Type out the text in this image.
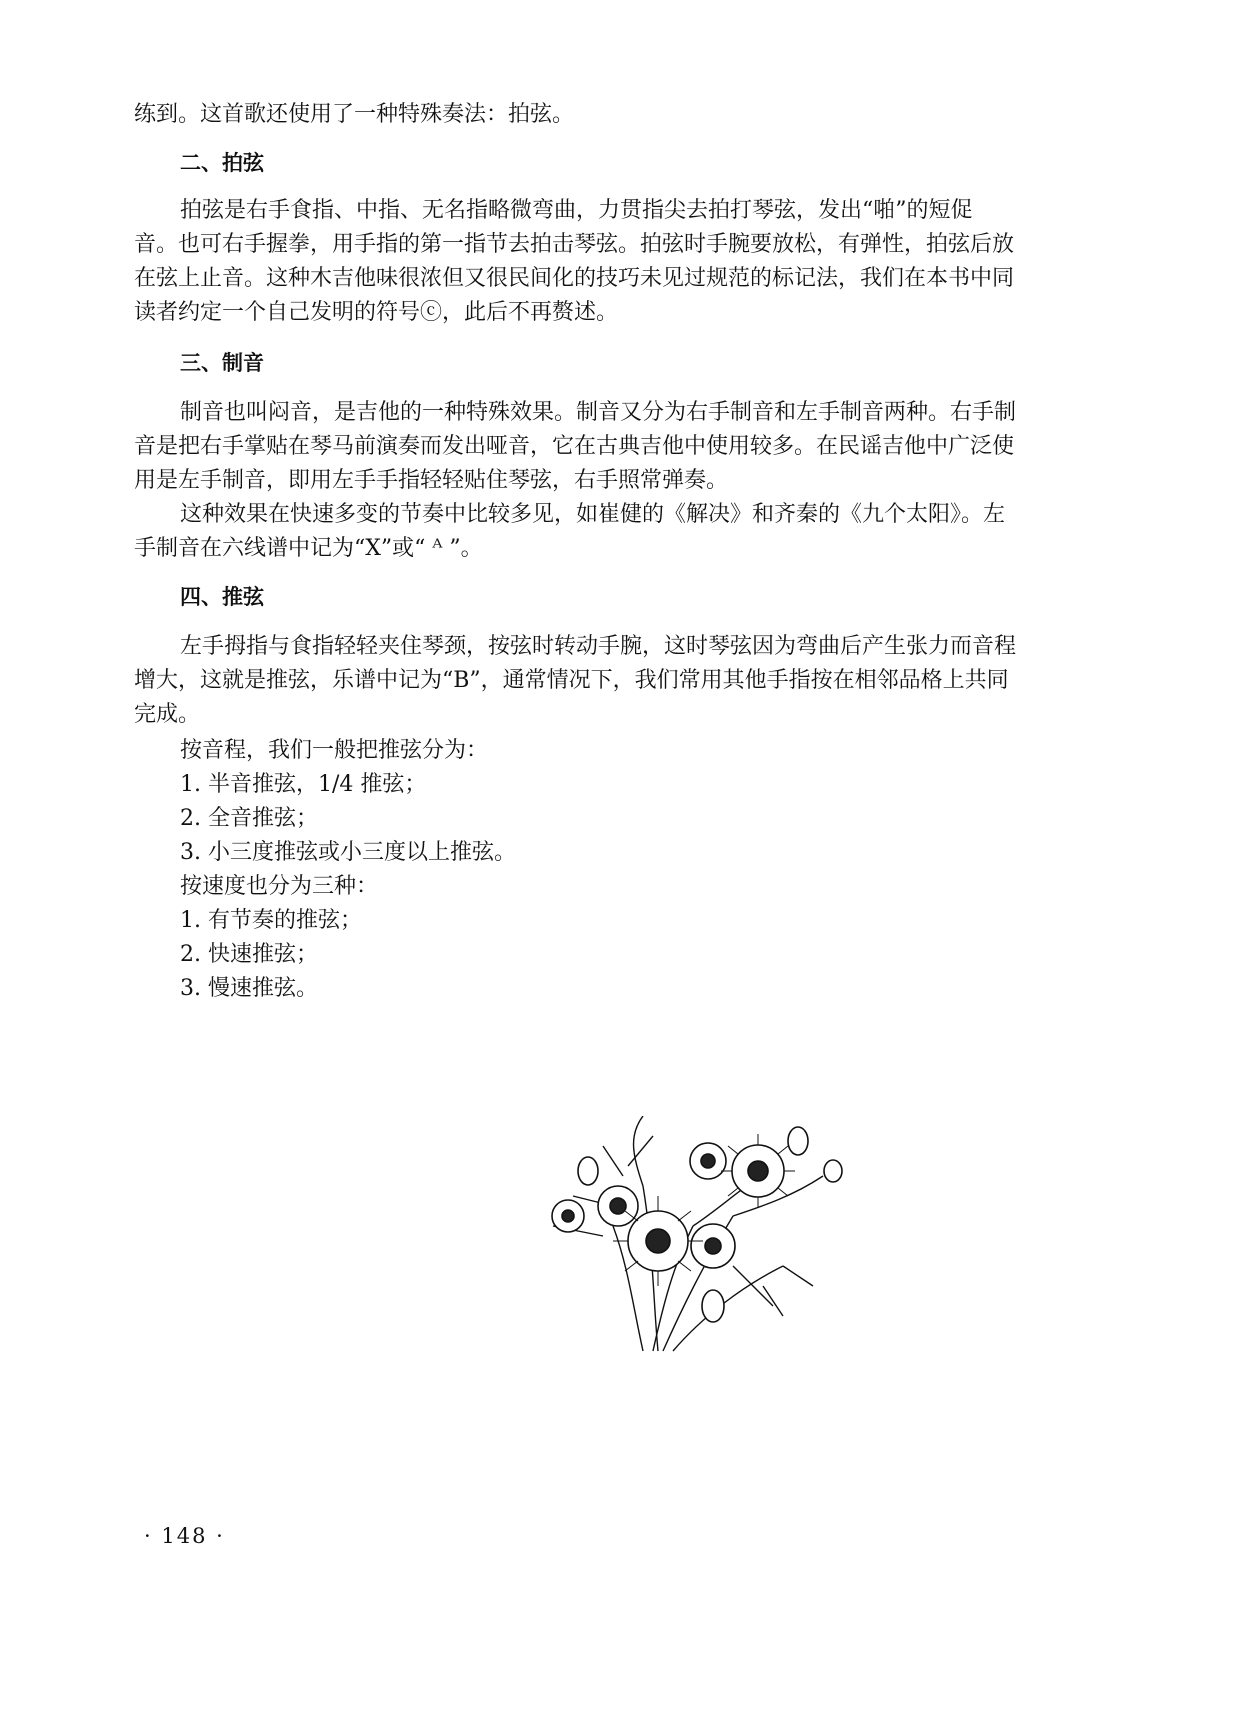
练到。这首歌还使用了一种特殊奏法：拍弦。
二、拍弦
拍弦是右手食指、中指、无名指略微弯曲，力贯指尖去拍打琴弦，发出“啪”的短促
音。也可右手握拳，用手指的第一指节去拍击琴弦。拍弦时手腕要放松，有弹性，拍弦后放
在弦上止音。这种木吉他味很浓但又很民间化的技巧未见过规范的标记法，我们在本书中同
读者约定一个自己发明的符号ⓒ，此后不再赘述。
三、制音
制音也叫闷音，是吉他的一种特殊效果。制音又分为右手制音和左手制音两种。右手制
音是把右手掌贴在琴马前演奏而发出哑音，它在古典吉他中使用较多。在民谣吉他中广泛使
用是左手制音，即用左手手指轻轻贴住琴弦，右手照常弹奏。
这种效果在快速多变的节奏中比较多见，如崔健的《解决》和齐秦的《九个太阳》。左
手制音在六线谱中记为“X”或“ ᴬ ”。
四、推弦
左手拇指与食指轻轻夹住琴颈，按弦时转动手腕，这时琴弦因为弯曲后产生张力而音程
增大，这就是推弦，乐谱中记为“B”，通常情况下，我们常用其他手指按在相邻品格上共同
完成。
按音程，我们一般把推弦分为：
1. 半音推弦，1/4 推弦；
2. 全音推弦；
3. 小三度推弦或小三度以上推弦。
按速度也分为三种：
1. 有节奏的推弦；
2. 快速推弦；
3. 慢速推弦。
· 148 ·
